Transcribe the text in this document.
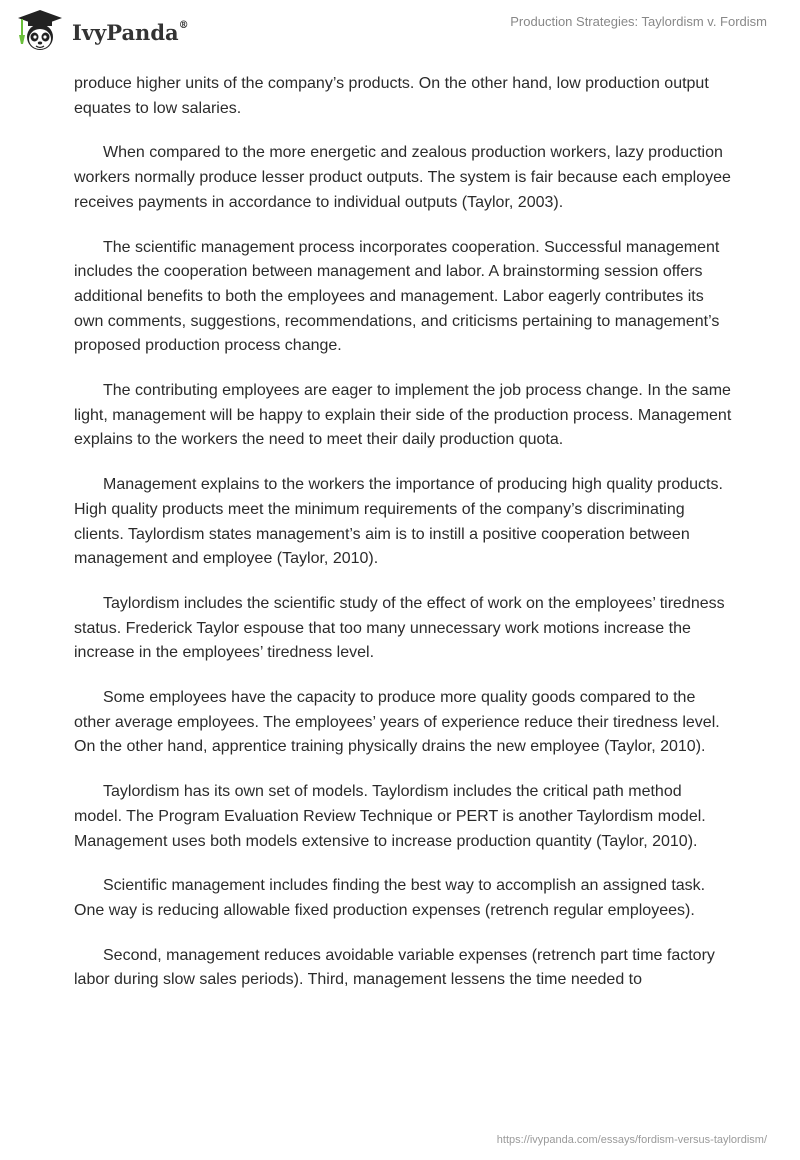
IvyPanda®	Production Strategies: Taylordism v. Fordism

produce higher units of the company’s products. On the other hand, low production output equates to low salaries.

When compared to the more energetic and zealous production workers, lazy production workers normally produce lesser product outputs. The system is fair because each employee receives payments in accordance to individual outputs (Taylor, 2003).

The scientific management process incorporates cooperation. Successful management includes the cooperation between management and labor. A brainstorming session offers additional benefits to both the employees and management. Labor eagerly contributes its own comments, suggestions, recommendations, and criticisms pertaining to management’s proposed production process change.

The contributing employees are eager to implement the job process change. In the same light, management will be happy to explain their side of the production process. Management explains to the workers the need to meet their daily production quota.

Management explains to the workers the importance of producing high quality products. High quality products meet the minimum requirements of the company’s discriminating clients. Taylordism states management’s aim is to instill a positive cooperation between management and employee (Taylor, 2010).

Taylordism includes the scientific study of the effect of work on the employees’ tiredness status. Frederick Taylor espouse that too many unnecessary work motions increase the increase in the employees’ tiredness level.

Some employees have the capacity to produce more quality goods compared to the other average employees. The employees’ years of experience reduce their tiredness level. On the other hand, apprentice training physically drains the new employee (Taylor, 2010).

Taylordism has its own set of models. Taylordism includes the critical path method model. The Program Evaluation Review Technique or PERT is another Taylordism model. Management uses both models extensive to increase production quantity (Taylor, 2010).

Scientific management includes finding the best way to accomplish an assigned task. One way is reducing allowable fixed production expenses (retrench regular employees).

Second, management reduces avoidable variable expenses (retrench part time factory labor during slow sales periods). Third, management lessens the time needed to

https://ivypanda.com/essays/fordism-versus-taylordism/
